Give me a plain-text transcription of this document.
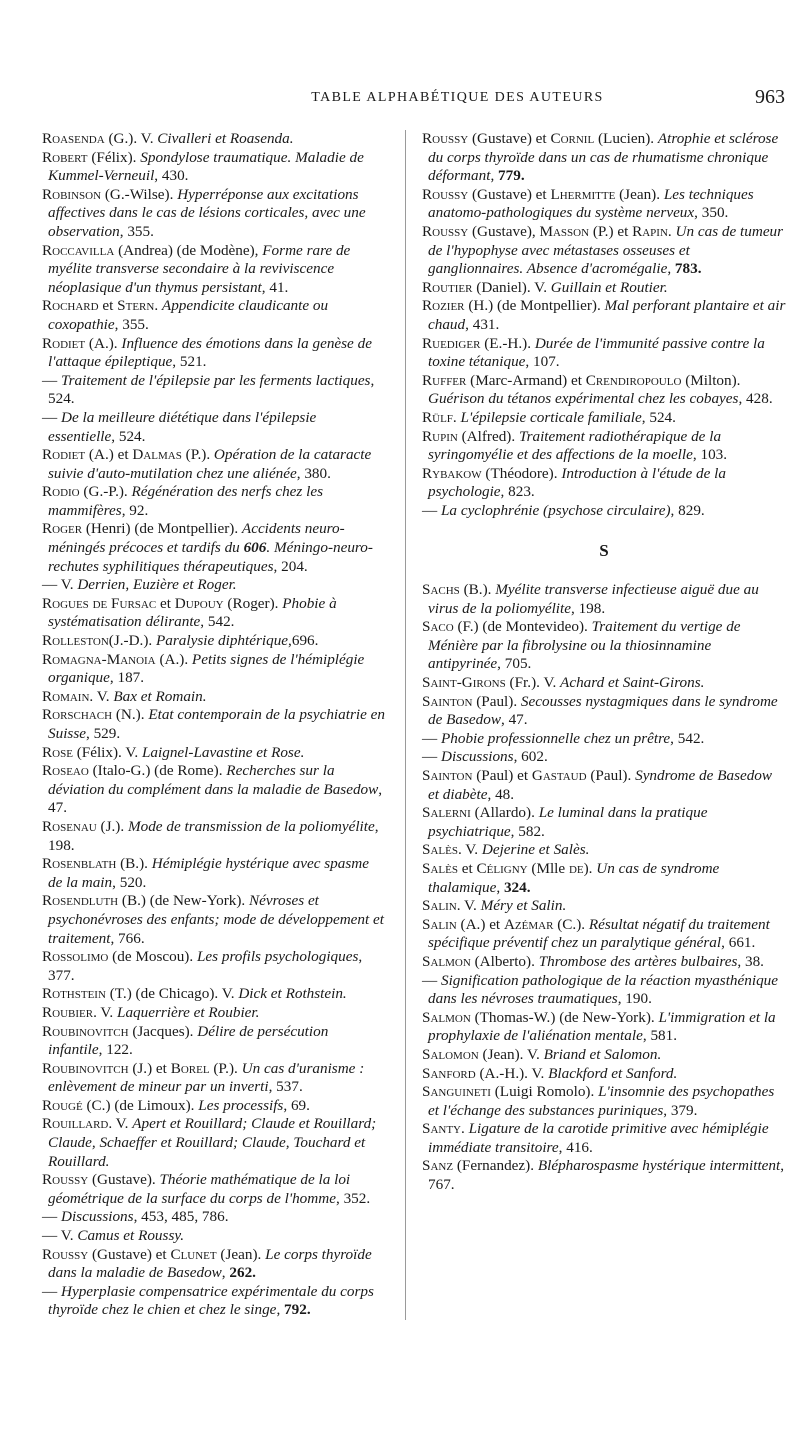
TABLE ALPHABÉTIQUE DES AUTEURS	963

Roasenda (G.). V. Civalleri et Roasenda.

Robert (Félix). Spondylose traumatique. Maladie de Kummel-Verneuil, 430.

Robinson (G.-Wilse). Hyperréponse aux excitations affectives dans le cas de lésions corticales, avec une observation, 355.

Roccavilla (Andrea) (de Modène), Forme rare de myélite transverse secondaire à la reviviscence néoplasique d'un thymus persistant, 41.

Rochard et Stern. Appendicite claudicante ou coxopathie, 355.

Rodiet (A.). Influence des émotions dans la genèse de l'attaque épileptique, 521.

— Traitement de l'épilepsie par les ferments lactiques, 524.

— De la meilleure diététique dans l'épilepsie essentielle, 524.

Rodiet (A.) et Dalmas (P.). Opération de la cataracte suivie d'auto-mutilation chez une aliénée, 380.

Rodio (G.-P.). Régénération des nerfs chez les mammifères, 92.

Roger (Henri) (de Montpellier). Accidents neuro-méningés précoces et tardifs du 606. Méningo-neuro-rechutes syphilitiques thérapeutiques, 204.

— V. Derrien, Euzière et Roger.

Rogues de Fursac et Dupouy (Roger). Phobie à systématisation délirante, 542.

Rolleston(J.-D.). Paralysie diphtérique,696.

Romagna-Manoia (A.). Petits signes de l'hémiplégie organique, 187.

Romain. V. Bax et Romain.

Rorschach (N.). Etat contemporain de la psychiatrie en Suisse, 529.

Rose (Félix). V. Laignel-Lavastine et Rose.

Roseao (Italo-G.) (de Rome). Recherches sur la déviation du complément dans la maladie de Basedow, 47.

Rosenau (J.). Mode de transmission de la poliomyélite, 198.

Rosenblath (B.). Hémiplégie hystérique avec spasme de la main, 520.

Rosendluth (B.) (de New-York). Névroses et psychonévroses des enfants; mode de développement et traitement, 766.

Rossolimo (de Moscou). Les profils psychologiques, 377.

Rothstein (T.) (de Chicago). V. Dick et Rothstein.

Roubier. V. Laquerrière et Roubier.

Roubinovitch (Jacques). Délire de persécution infantile, 122.

Roubinovitch (J.) et Borel (P.). Un cas d'uranisme : enlèvement de mineur par un inverti, 537.

Rougé (C.) (de Limoux). Les processifs, 69.

Rouillard. V. Apert et Rouillard; Claude et Rouillard; Claude, Schaeffer et Rouillard; Claude, Touchard et Rouillard.

Roussy (Gustave). Théorie mathématique de la loi géométrique de la surface du corps de l'homme, 352.

— Discussions, 453, 485, 786.

— V. Camus et Roussy.

Roussy (Gustave) et Clunet (Jean). Le corps thyroïde dans la maladie de Basedow, 262.

— Hyperplasie compensatrice expérimentale du corps thyroïde chez le chien et chez le singe, 792.

Roussy (Gustave) et Cornil (Lucien). Atrophie et sclérose du corps thyroïde dans un cas de rhumatisme chronique déformant, 779.

Roussy (Gustave) et Lhermitte (Jean). Les techniques anatomo-pathologiques du système nerveux, 350.

Roussy (Gustave), Masson (P.) et Rapin. Un cas de tumeur de l'hypophyse avec métastases osseuses et ganglionnaires. Absence d'acromégalie, 783.

Routier (Daniel). V. Guillain et Routier.

Rozier (H.) (de Montpellier). Mal perforant plantaire et air chaud, 431.

Ruediger (E.-H.). Durée de l'immunité passive contre la toxine tétanique, 107.

Ruffer (Marc-Armand) et Crendiropoulo (Milton). Guérison du tétanos expérimental chez les cobayes, 428.

Rülf. L'épilepsie corticale familiale, 524.

Rupin (Alfred). Traitement radiothérapique de la syringomyélie et des affections de la moelle, 103.

Rybakow (Théodore). Introduction à l'étude de la psychologie, 823.

— La cyclophrénie (psychose circulaire), 829.

S

Sachs (B.). Myélite transverse infectieuse aiguë due au virus de la poliomyélite, 198.

Saco (F.) (de Montevideo). Traitement du vertige de Ménière par la fibrolysine ou la thiosinnamine antipyrinée, 705.

Saint-Girons (Fr.). V. Achard et Saint-Girons.

Sainton (Paul). Secousses nystagmiques dans le syndrome de Basedow, 47.

— Phobie professionnelle chez un prêtre, 542.

— Discussions, 602.

Sainton (Paul) et Gastaud (Paul). Syndrome de Basedow et diabète, 48.

Salerni (Allardo). Le luminal dans la pratique psychiatrique, 582.

Salès. V. Dejerine et Salès.

Salès et Céligny (Mlle de). Un cas de syndrome thalamique, 324.

Salin. V. Méry et Salin.

Salin (A.) et Azémar (C.). Résultat négatif du traitement spécifique préventif chez un paralytique général, 661.

Salmon (Alberto). Thrombose des artères bulbaires, 38.

— Signification pathologique de la réaction myasthénique dans les névroses traumatiques, 190.

Salmon (Thomas-W.) (de New-York). L'immigration et la prophylaxie de l'aliénation mentale, 581.

Salomon (Jean). V. Briand et Salomon.

Sanford (A.-H.). V. Blackford et Sanford.

Sanguineti (Luigi Romolo). L'insomnie des psychopathes et l'échange des substances puriniques, 379.

Santy. Ligature de la carotide primitive avec hémiplégie immédiate transitoire, 416.

Sanz (Fernandez). Blépharospasme hystérique intermittent, 767.
